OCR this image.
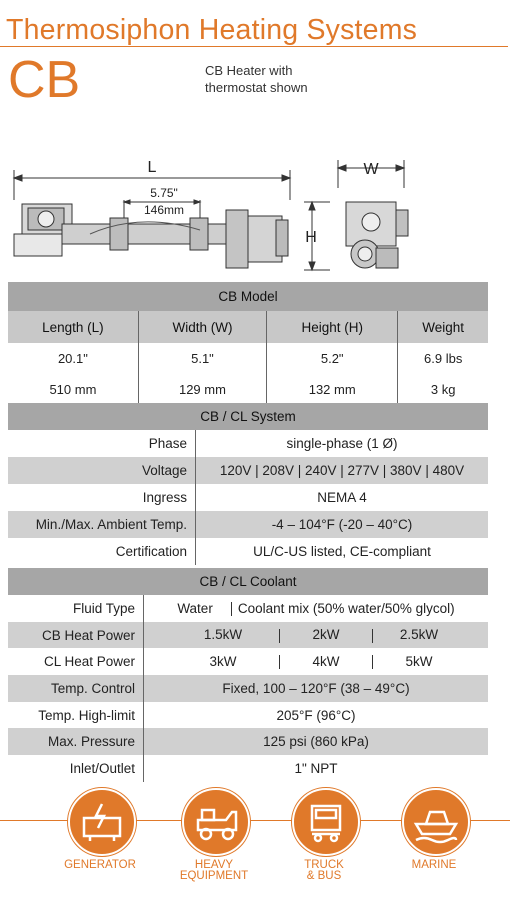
Thermosiphon Heating Systems
CB	CB Heater with thermostat shown
L	W
H
5.75"
146mm
CB Model			
Length (L)	Width (W)	Height (H)	Weight
20.1"	5.1"	5.2"	6.9 lbs
510 mm	129 mm	132 mm	3 kg
CB / CL System	
Phase	single-phase (1 Ø)
Voltage	120V | 208V | 240V | 277V | 380V | 480V
Ingress	NEMA 4
Min./Max. Ambient Temp.	-4 – 104°F (-20 – 40°C)
Certification	UL/C-US listed, CE-compliant
CB / CL Coolant	
Fluid Type	Water Coolant mix (50% water/50% glycol)
CB Heat Power	1.5kW 2kW 2.5kW
CL Heat Power	3kW 4kW 5kW
Temp. Control	Fixed, 100 – 120°F (38 – 49°C)
Temp. High-limit	205°F (96°C)
Max. Pressure	125 psi (860 kPa)
Inlet/Outlet	1" NPT
GENERATOR	HEAVY
EQUIPMENT
TRUCK
& BUS
MARINE
